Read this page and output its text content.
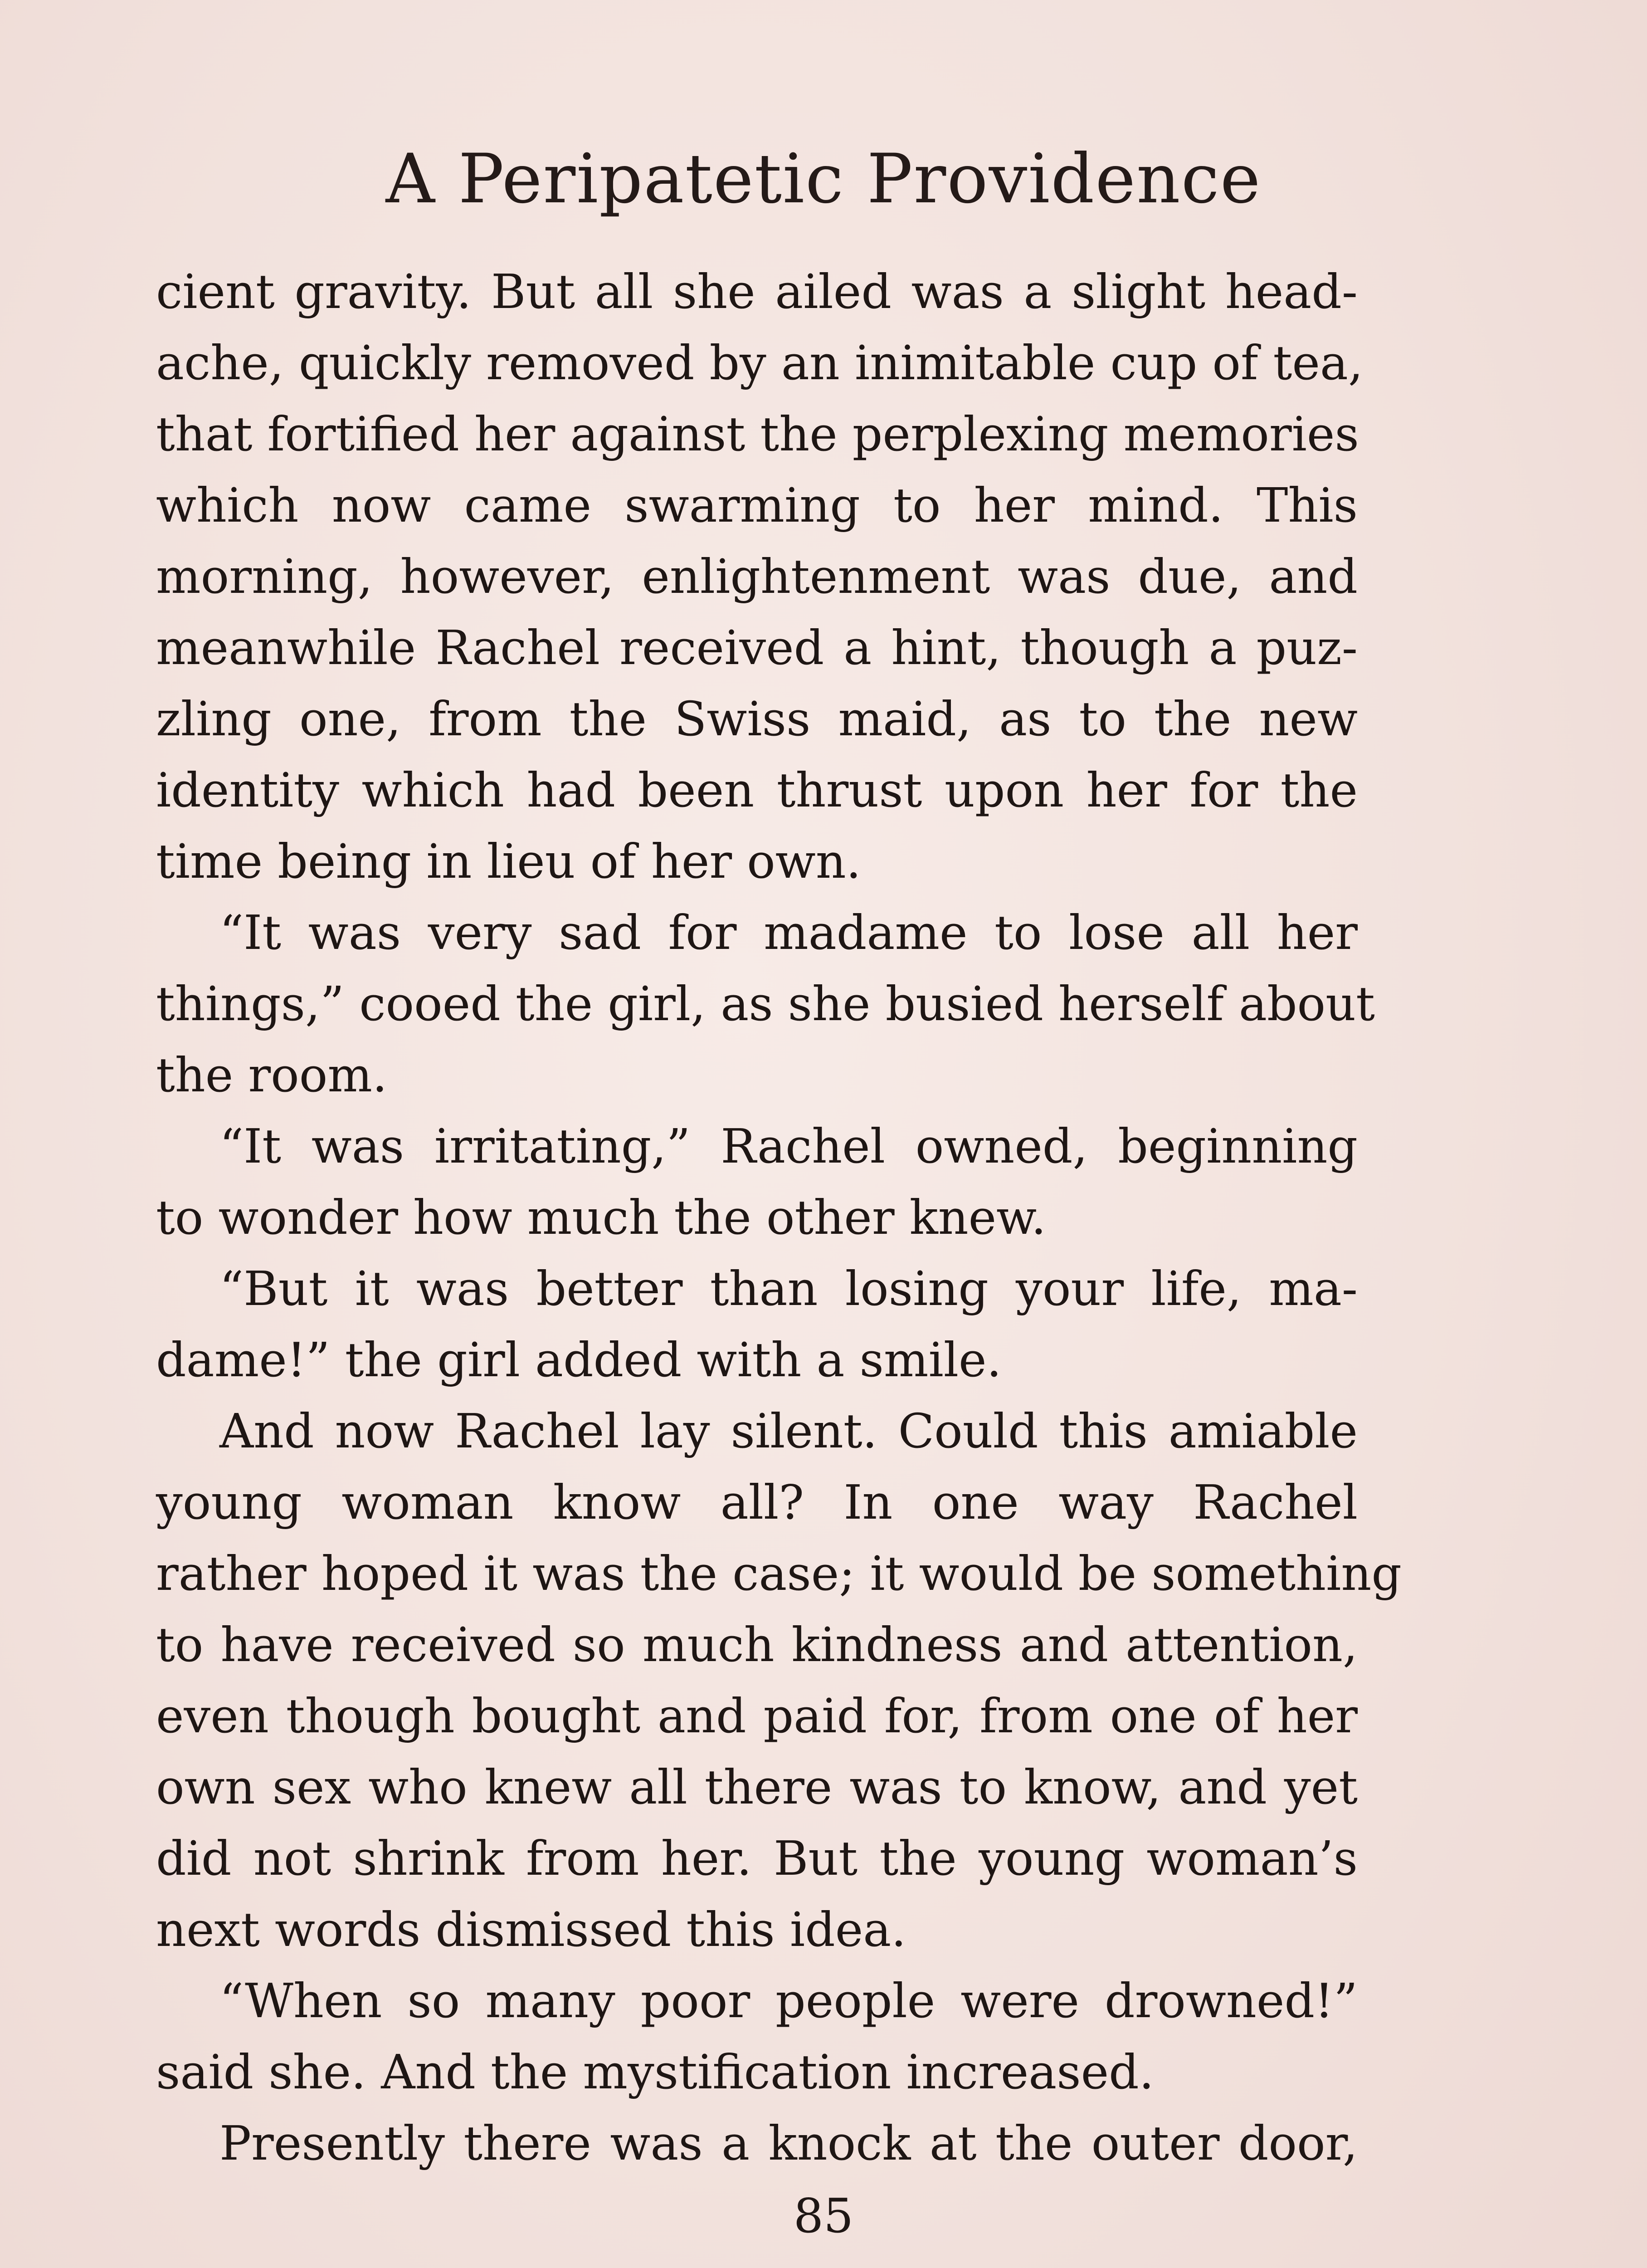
A Peripatetic Providence
cient gravity. But all she ailed was a slight head-
ache, quickly removed by an inimitable cup of tea,
that fortified her against the perplexing memories
which now came swarming to her mind. This
morning, however, enlightenment was due, and
meanwhile Rachel received a hint, though a puz-
zling one, from the Swiss maid, as to the new
identity which had been thrust upon her for the
time being in lieu of her own.
“It was very sad for madame to lose all her
things,” cooed the girl, as she busied herself about
the room.
“It was irritating,” Rachel owned, beginning
to wonder how much the other knew.
“But it was better than losing your life, ma-
dame!” the girl added with a smile.
And now Rachel lay silent. Could this amiable
young woman know all? In one way Rachel
rather hoped it was the case; it would be something
to have received so much kindness and attention,
even though bought and paid for, from one of her
own sex who knew all there was to know, and yet
did not shrink from her. But the young woman’s
next words dismissed this idea.
“When so many poor people were drowned!”
said she. And the mystification increased.
Presently there was a knock at the outer door,
85
